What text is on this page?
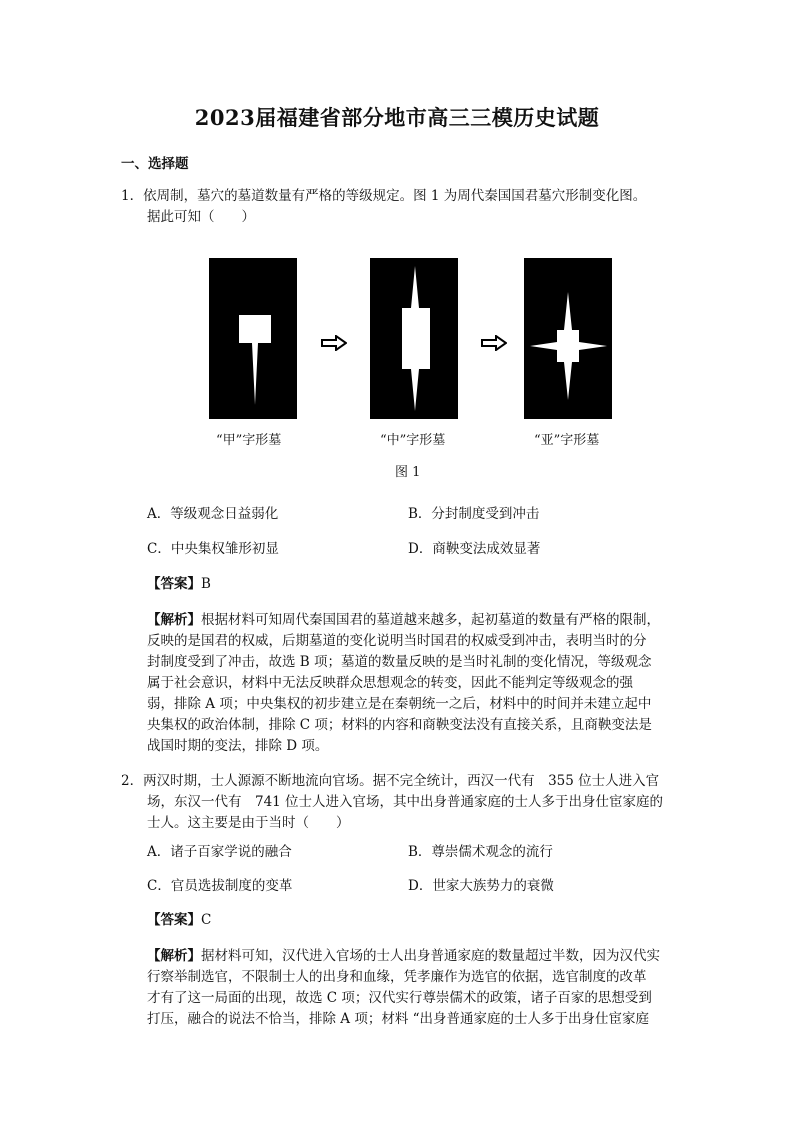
2023届福建省部分地市高三三模历史试题
一、选择题
1．依周制，墓穴的墓道数量有严格的等级规定。图 1 为周代秦国国君墓穴形制变化图。
据此可知（　　）
“甲”字形墓	“中”字形墓	“亚”字形墓
图 1
A．等级观念日益弱化	B．分封制度受到冲击
C．中央集权雏形初显	D．商鞅变法成效显著
【答案】B
【解析】根据材料可知周代秦国国君的墓道越来越多，起初墓道的数量有严格的限制，
反映的是国君的权威，后期墓道的变化说明当时国君的权威受到冲击，表明当时的分
封制度受到了冲击，故选 B 项；墓道的数量反映的是当时礼制的变化情况，等级观念
属于社会意识，材料中无法反映群众思想观念的转变，因此不能判定等级观念的强
弱，排除 A 项；中央集权的初步建立是在秦朝统一之后，材料中的时间并未建立起中
央集权的政治体制，排除 C 项；材料的内容和商鞅变法没有直接关系，且商鞅变法是
战国时期的变法，排除 D 项。
2．两汉时期，士人源源不断地流向官场。据不完全统计，西汉一代有　355 位士人进入官
场，东汉一代有　741 位士人进入官场，其中出身普通家庭的士人多于出身仕宦家庭的
士人。这主要是由于当时（　　）
A．诸子百家学说的融合	B．尊崇儒术观念的流行
C．官员选拔制度的变革	D．世家大族势力的衰微
【答案】C
【解析】据材料可知，汉代进入官场的士人出身普通家庭的数量超过半数，因为汉代实
行察举制选官，不限制士人的出身和血缘，凭孝廉作为选官的依据，选官制度的改革
才有了这一局面的出现，故选 C 项；汉代实行尊崇儒术的政策，诸子百家的思想受到
打压，融合的说法不恰当，排除 A 项；材料 “出身普通家庭的士人多于出身仕宦家庭
